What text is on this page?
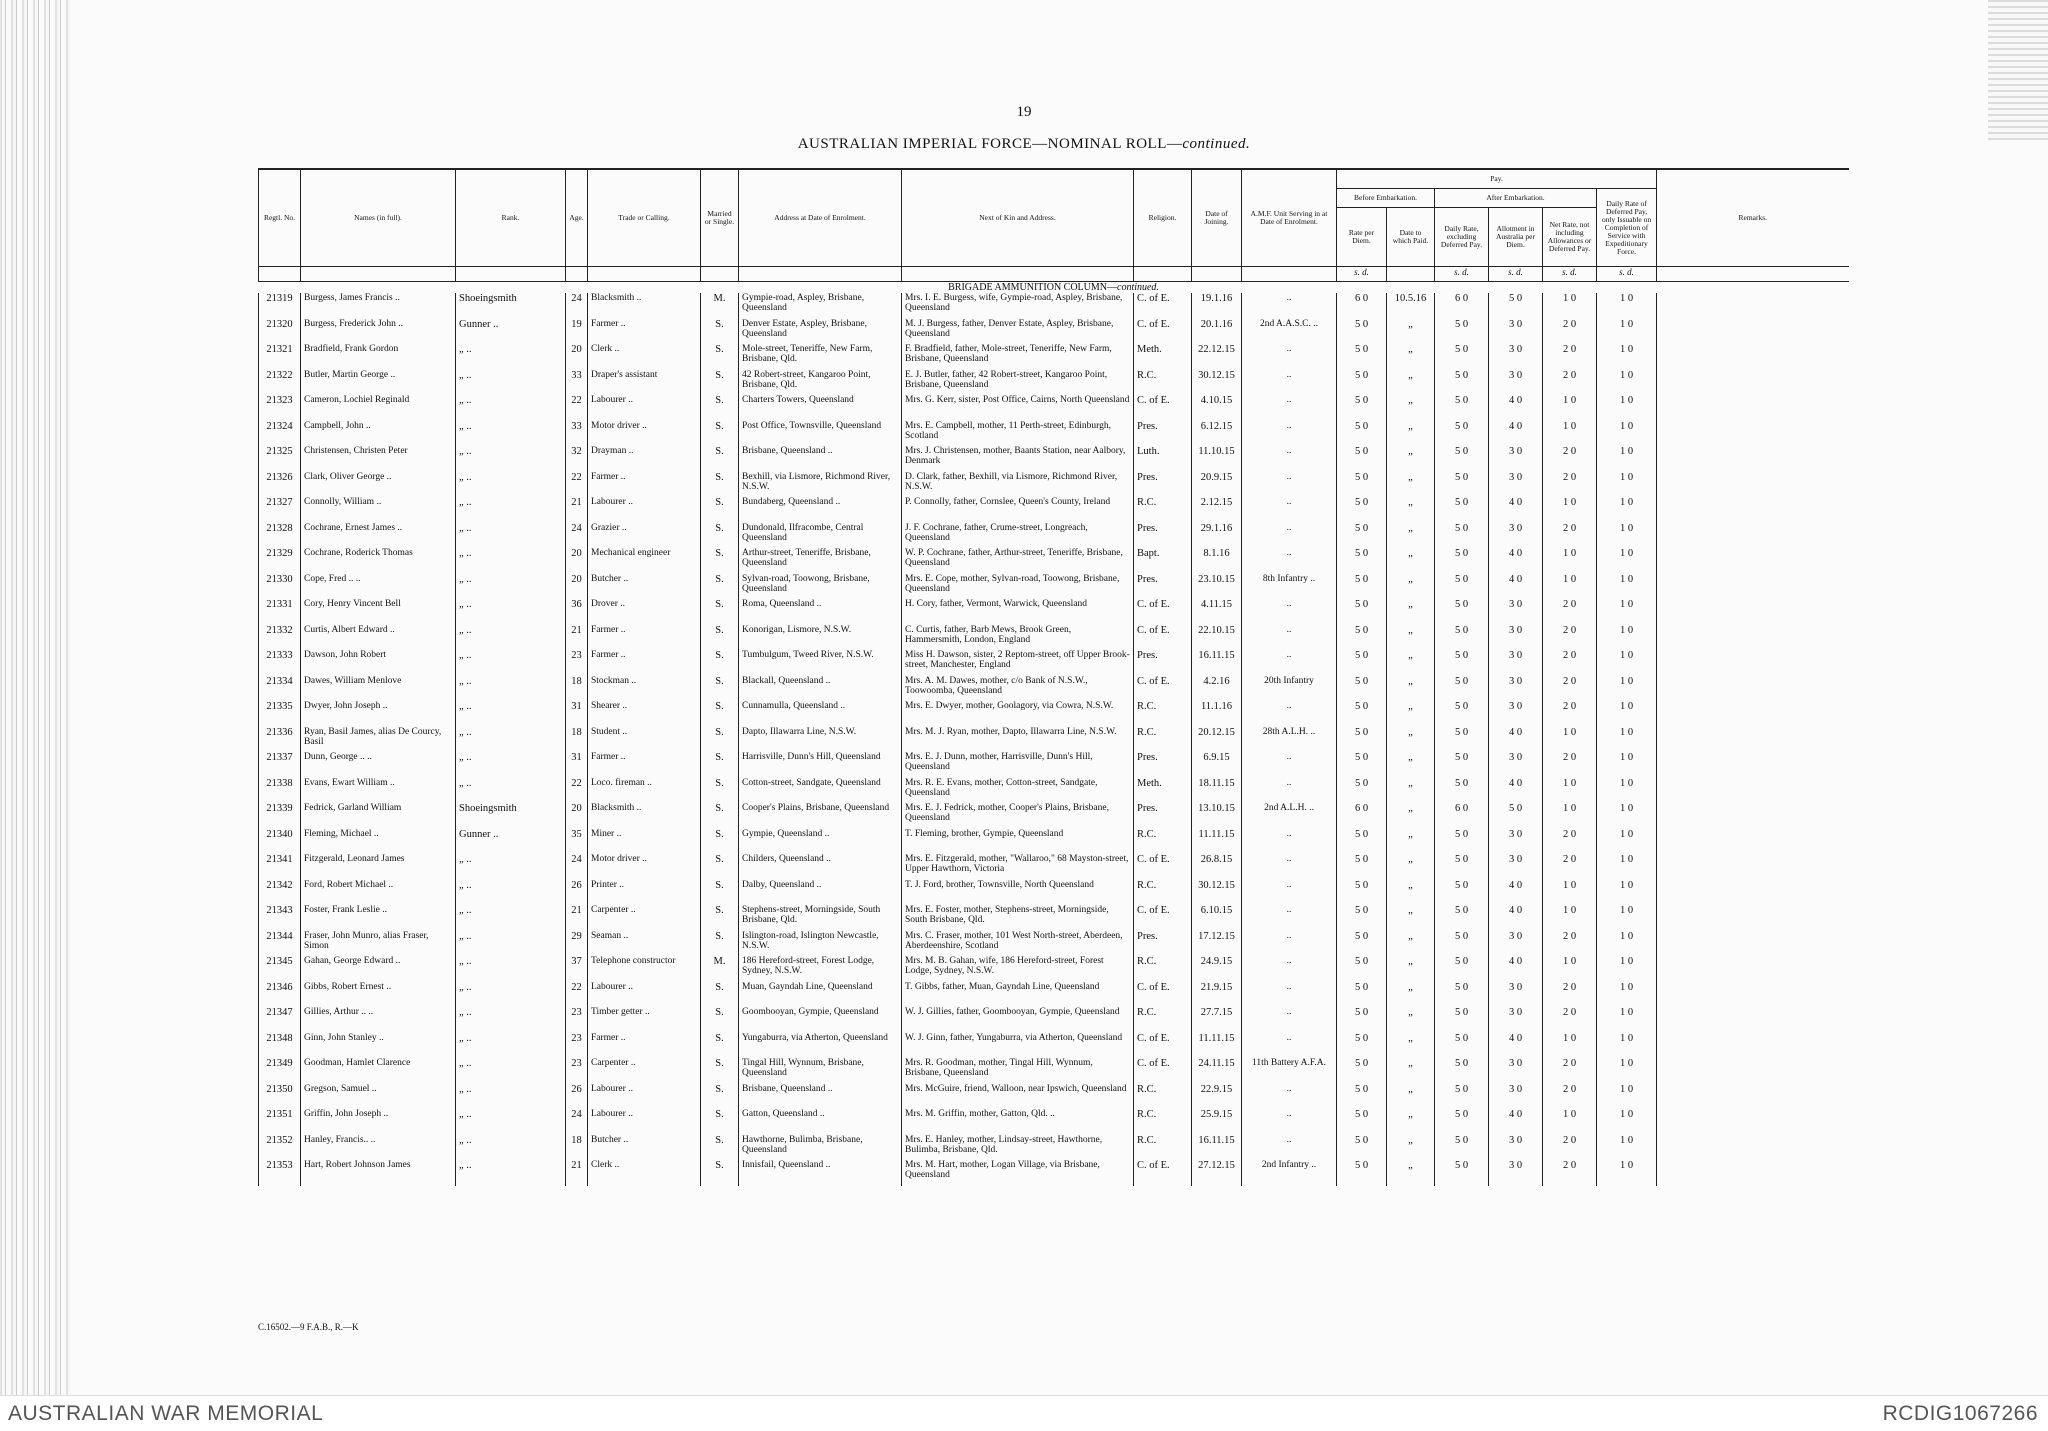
19
AUSTRALIAN IMPERIAL FORCE—NOMINAL ROLL—continued.
Regtl. No.	Names (in full).	Rank.	Age.	Trade or Calling.	Married or Single.	Address at Date of Enrolment.	Next of Kin and Address.	Religion.	Date of Joining.	A.M.F. Unit Serving in at Date of Enrolment.	Pay.						Remarks.
											Before Embarkation.		After Embarkation.			Daily Rate of Deferred Pay, only Issuable on Completion of Service with Expeditionary Force.	
											Rate per Diem.	Date to which Paid.	Daily Rate, excluding Deferred Pay.	Allotment in Australia per Diem.	Net Rate, not including Allowances or Deferred Pay.		
											s. d.		s. d.	s. d.	s. d.	s. d.	
BRIGADE AMMUNITION COLUMN—continued.																	
21319	Burgess, James Francis ..	Shoeingsmith	24	Blacksmith ..	M.	Gympie-road, Aspley, Brisbane, Queensland	Mrs. I. E. Burgess, wife, Gympie-road, Aspley, Brisbane, Queensland	C. of E.	19.1.16	..	6 0	10.5.16	6 0	5 0	1 0	1 0	
21320	Burgess, Frederick John ..	Gunner ..	19	Farmer ..	S.	Denver Estate, Aspley, Brisbane, Queensland	M. J. Burgess, father, Denver Estate, Aspley, Brisbane, Queensland	C. of E.	20.1.16	2nd A.A.S.C. ..	5 0	„	5 0	3 0	2 0	1 0	
21321	Bradfield, Frank Gordon	„ ..	20	Clerk ..	S.	Mole-street, Teneriffe, New Farm, Brisbane, Qld.	F. Bradfield, father, Mole-street, Teneriffe, New Farm, Brisbane, Queensland	Meth.	22.12.15	..	5 0	„	5 0	3 0	2 0	1 0	
21322	Butler, Martin George ..	„ ..	33	Draper's assistant	S.	42 Robert-street, Kangaroo Point, Brisbane, Qld.	E. J. Butler, father, 42 Robert-street, Kangaroo Point, Brisbane, Queensland	R.C.	30.12.15	..	5 0	„	5 0	3 0	2 0	1 0	
21323	Cameron, Lochiel Reginald	„ ..	22	Labourer ..	S.	Charters Towers, Queensland	Mrs. G. Kerr, sister, Post Office, Cairns, North Queensland	C. of E.	4.10.15	..	5 0	„	5 0	4 0	1 0	1 0	
21324	Campbell, John ..	„ ..	33	Motor driver ..	S.	Post Office, Townsville, Queensland	Mrs. E. Campbell, mother, 11 Perth-street, Edinburgh, Scotland	Pres.	6.12.15	..	5 0	„	5 0	4 0	1 0	1 0	
21325	Christensen, Christen Peter	„ ..	32	Drayman ..	S.	Brisbane, Queensland ..	Mrs. J. Christensen, mother, Baants Station, near Aalbory, Denmark	Luth.	11.10.15	..	5 0	„	5 0	3 0	2 0	1 0	
21326	Clark, Oliver George ..	„ ..	22	Farmer ..	S.	Bexhill, via Lismore, Richmond River, N.S.W.	D. Clark, father, Bexhill, via Lismore, Richmond River, N.S.W.	Pres.	20.9.15	..	5 0	„	5 0	3 0	2 0	1 0	
21327	Connolly, William ..	„ ..	21	Labourer ..	S.	Bundaberg, Queensland ..	P. Connolly, father, Cornslee, Queen's County, Ireland	R.C.	2.12.15	..	5 0	„	5 0	4 0	1 0	1 0	
21328	Cochrane, Ernest James ..	„ ..	24	Grazier ..	S.	Dundonald, Ilfracombe, Central Queensland	J. F. Cochrane, father, Crume-street, Longreach, Queensland	Pres.	29.1.16	..	5 0	„	5 0	3 0	2 0	1 0	
21329	Cochrane, Roderick Thomas	„ ..	20	Mechanical engineer	S.	Arthur-street, Teneriffe, Brisbane, Queensland	W. P. Cochrane, father, Arthur-street, Teneriffe, Brisbane, Queensland	Bapt.	8.1.16	..	5 0	„	5 0	4 0	1 0	1 0	
21330	Cope, Fred .. ..	„ ..	20	Butcher ..	S.	Sylvan-road, Toowong, Brisbane, Queensland	Mrs. E. Cope, mother, Sylvan-road, Toowong, Brisbane, Queensland	Pres.	23.10.15	8th Infantry ..	5 0	„	5 0	4 0	1 0	1 0	
21331	Cory, Henry Vincent Bell	„ ..	36	Drover ..	S.	Roma, Queensland ..	H. Cory, father, Vermont, Warwick, Queensland	C. of E.	4.11.15	..	5 0	„	5 0	3 0	2 0	1 0	
21332	Curtis, Albert Edward ..	„ ..	21	Farmer ..	S.	Konorigan, Lismore, N.S.W.	C. Curtis, father, Barb Mews, Brook Green, Hammersmith, London, England	C. of E.	22.10.15	..	5 0	„	5 0	3 0	2 0	1 0	
21333	Dawson, John Robert	„ ..	23	Farmer ..	S.	Tumbulgum, Tweed River, N.S.W.	Miss H. Dawson, sister, 2 Reptom-street, off Upper Brook-street, Manchester, England	Pres.	16.11.15	..	5 0	„	5 0	3 0	2 0	1 0	
21334	Dawes, William Menlove	„ ..	18	Stockman ..	S.	Blackall, Queensland ..	Mrs. A. M. Dawes, mother, c/o Bank of N.S.W., Toowoomba, Queensland	C. of E.	4.2.16	20th Infantry	5 0	„	5 0	3 0	2 0	1 0	
21335	Dwyer, John Joseph ..	„ ..	31	Shearer ..	S.	Cunnamulla, Queensland ..	Mrs. E. Dwyer, mother, Goolagory, via Cowra, N.S.W.	R.C.	11.1.16	..	5 0	„	5 0	3 0	2 0	1 0	
21336	Ryan, Basil James, alias De Courcy, Basil	„ ..	18	Student ..	S.	Dapto, Illawarra Line, N.S.W.	Mrs. M. J. Ryan, mother, Dapto, Illawarra Line, N.S.W.	R.C.	20.12.15	28th A.L.H. ..	5 0	„	5 0	4 0	1 0	1 0	
21337	Dunn, George .. ..	„ ..	31	Farmer ..	S.	Harrisville, Dunn's Hill, Queensland	Mrs. E. J. Dunn, mother, Harrisville, Dunn's Hill, Queensland	Pres.	6.9.15	..	5 0	„	5 0	3 0	2 0	1 0	
21338	Evans, Ewart William ..	„ ..	22	Loco. fireman ..	S.	Cotton-street, Sandgate, Queensland	Mrs. R. E. Evans, mother, Cotton-street, Sandgate, Queensland	Meth.	18.11.15	..	5 0	„	5 0	4 0	1 0	1 0	
21339	Fedrick, Garland William	Shoeingsmith	20	Blacksmith ..	S.	Cooper's Plains, Brisbane, Queensland	Mrs. E. J. Fedrick, mother, Cooper's Plains, Brisbane, Queensland	Pres.	13.10.15	2nd A.L.H. ..	6 0	„	6 0	5 0	1 0	1 0	
21340	Fleming, Michael ..	Gunner ..	35	Miner ..	S.	Gympie, Queensland ..	T. Fleming, brother, Gympie, Queensland	R.C.	11.11.15	..	5 0	„	5 0	3 0	2 0	1 0	
21341	Fitzgerald, Leonard James	„ ..	24	Motor driver ..	S.	Childers, Queensland ..	Mrs. E. Fitzgerald, mother, "Wallaroo," 68 Mayston-street, Upper Hawthorn, Victoria	C. of E.	26.8.15	..	5 0	„	5 0	3 0	2 0	1 0	
21342	Ford, Robert Michael ..	„ ..	26	Printer ..	S.	Dalby, Queensland ..	T. J. Ford, brother, Townsville, North Queensland	R.C.	30.12.15	..	5 0	„	5 0	4 0	1 0	1 0	
21343	Foster, Frank Leslie ..	„ ..	21	Carpenter ..	S.	Stephens-street, Morningside, South Brisbane, Qld.	Mrs. E. Foster, mother, Stephens-street, Morningside, South Brisbane, Qld.	C. of E.	6.10.15	..	5 0	„	5 0	4 0	1 0	1 0	
21344	Fraser, John Munro, alias Fraser, Simon	„ ..	29	Seaman ..	S.	Islington-road, Islington Newcastle, N.S.W.	Mrs. C. Fraser, mother, 101 West North-street, Aberdeen, Aberdeenshire, Scotland	Pres.	17.12.15	..	5 0	„	5 0	3 0	2 0	1 0	
21345	Gahan, George Edward ..	„ ..	37	Telephone constructor	M.	186 Hereford-street, Forest Lodge, Sydney, N.S.W.	Mrs. M. B. Gahan, wife, 186 Hereford-street, Forest Lodge, Sydney, N.S.W.	R.C.	24.9.15	..	5 0	„	5 0	4 0	1 0	1 0	
21346	Gibbs, Robert Ernest ..	„ ..	22	Labourer ..	S.	Muan, Gayndah Line, Queensland	T. Gibbs, father, Muan, Gayndah Line, Queensland	C. of E.	21.9.15	..	5 0	„	5 0	3 0	2 0	1 0	
21347	Gillies, Arthur .. ..	„ ..	23	Timber getter ..	S.	Goombooyan, Gympie, Queensland	W. J. Gillies, father, Goombooyan, Gympie, Queensland	R.C.	27.7.15	..	5 0	„	5 0	3 0	2 0	1 0	
21348	Ginn, John Stanley ..	„ ..	23	Farmer ..	S.	Yungaburra, via Atherton, Queensland	W. J. Ginn, father, Yungaburra, via Atherton, Queensland	C. of E.	11.11.15	..	5 0	„	5 0	4 0	1 0	1 0	
21349	Goodman, Hamlet Clarence	„ ..	23	Carpenter ..	S.	Tingal Hill, Wynnum, Brisbane, Queensland	Mrs. R. Goodman, mother, Tingal Hill, Wynnum, Brisbane, Queensland	C. of E.	24.11.15	11th Battery A.F.A.	5 0	„	5 0	3 0	2 0	1 0	
21350	Gregson, Samuel ..	„ ..	26	Labourer ..	S.	Brisbane, Queensland ..	Mrs. McGuire, friend, Walloon, near Ipswich, Queensland	R.C.	22.9.15	..	5 0	„	5 0	3 0	2 0	1 0	
21351	Griffin, John Joseph ..	„ ..	24	Labourer ..	S.	Gatton, Queensland ..	Mrs. M. Griffin, mother, Gatton, Qld. ..	R.C.	25.9.15	..	5 0	„	5 0	4 0	1 0	1 0	
21352	Hanley, Francis.. ..	„ ..	18	Butcher ..	S.	Hawthorne, Bulimba, Brisbane, Queensland	Mrs. E. Hanley, mother, Lindsay-street, Hawthorne, Bulimba, Brisbane, Qld.	R.C.	16.11.15	..	5 0	„	5 0	3 0	2 0	1 0	
21353	Hart, Robert Johnson James	„ ..	21	Clerk ..	S.	Innisfail, Queensland ..	Mrs. M. Hart, mother, Logan Village, via Brisbane, Queensland	C. of E.	27.12.15	2nd Infantry ..	5 0	„	5 0	3 0	2 0	1 0	
C.16502.—9 F.A.B., R.—K
AUSTRALIAN WAR MEMORIAL	RCDIG1067266
